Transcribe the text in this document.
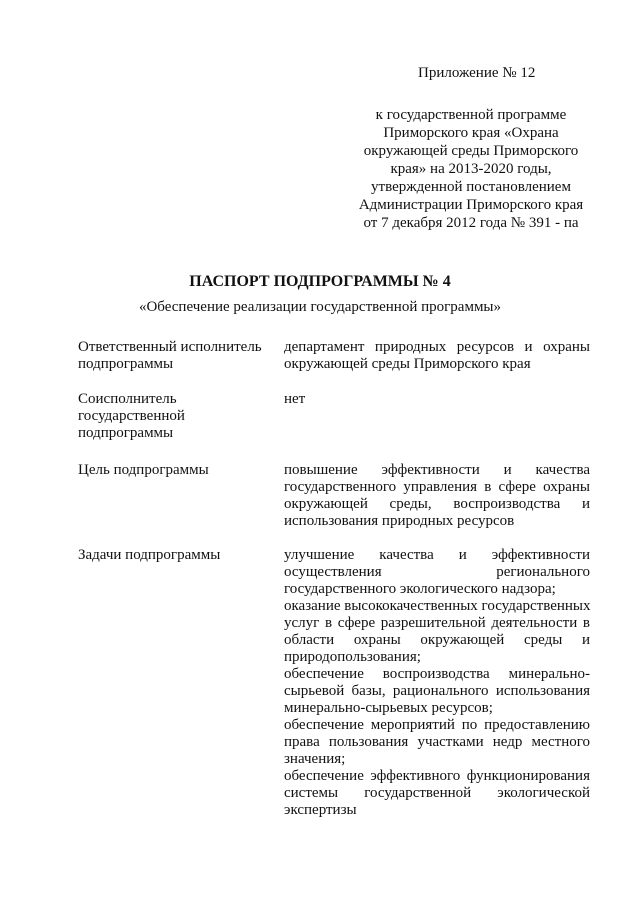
Приложение № 12
к государственной программе
Приморского края «Охрана
окружающей среды Приморского
края» на 2013-2020 годы,
утвержденной постановлением
Администрации Приморского края
от 7 декабря 2012 года № 391 - па
ПАСПОРТ ПОДПРОГРАММЫ № 4
«Обеспечение реализации государственной программы»
Ответственный исполнитель
подпрограммы
департамент природных ресурсов и охраны
окружающей среды Приморского края
Соисполнитель
государственной
подпрограммы
нет
Цель подпрограммы	повышение эффективности и качества
государственного управления в сфере охраны
окружающей среды, воспроизводства и
использования природных ресурсов
Задачи подпрограммы	улучшение качества и эффективности
осуществления регионального
государственного экологического надзора;
оказание высококачественных государственных
услуг в сфере разрешительной деятельности в
области охраны окружающей среды и
природопользования;
обеспечение воспроизводства минерально-
сырьевой базы, рационального использования
минерально-сырьевых ресурсов;
обеспечение мероприятий по предоставлению
права пользования участками недр местного
значения;
обеспечение эффективного функционирования
системы государственной экологической
экспертизы
